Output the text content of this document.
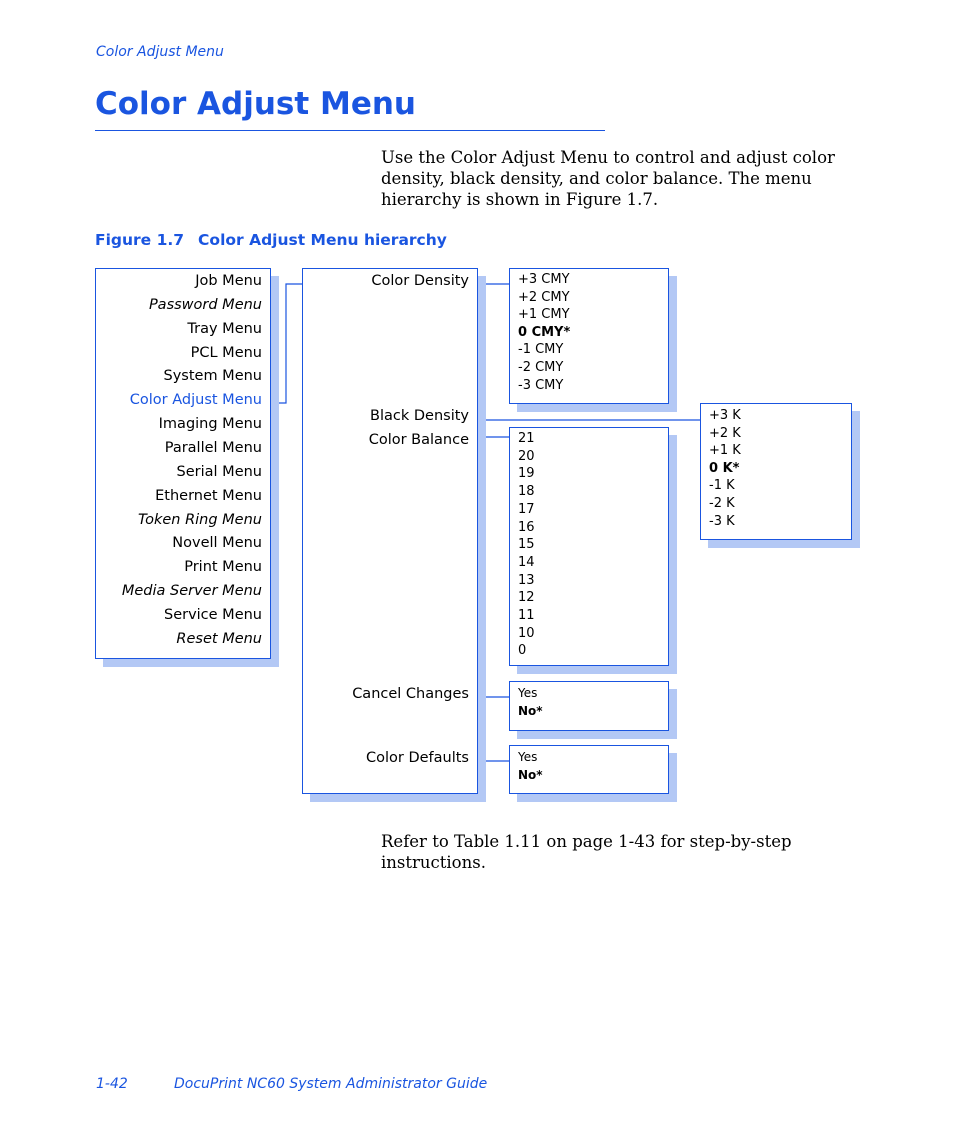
Color Adjust Menu
Color Adjust Menu
Use the Color Adjust Menu to control and adjust color density, black density, and color balance. The menu hierarchy is shown in Figure 1.7.
Figure 1.7 Color Adjust Menu hierarchy
Job Menu
Password Menu
Tray Menu
PCL Menu
System Menu
Color Adjust Menu
Imaging Menu
Parallel Menu
Serial Menu
Ethernet Menu
Token Ring Menu
Novell Menu
Print Menu
Media Server Menu
Service Menu
Reset Menu
Color Density
Black Density
Color Balance
Cancel Changes
Color Defaults
+3 CMY
+2 CMY
+1 CMY
0 CMY*
-1 CMY
-2 CMY
-3 CMY
+3 K
+2 K
+1 K
0 K*
-1 K
-2 K
-3 K
21
20
19
18
17
16
15
14
13
12
11
10
0
Yes
No*
Yes
No*
Refer to Table 1.11 on page 1-43 for step-by-step instructions.
1-42	DocuPrint NC60 System Administrator Guide
